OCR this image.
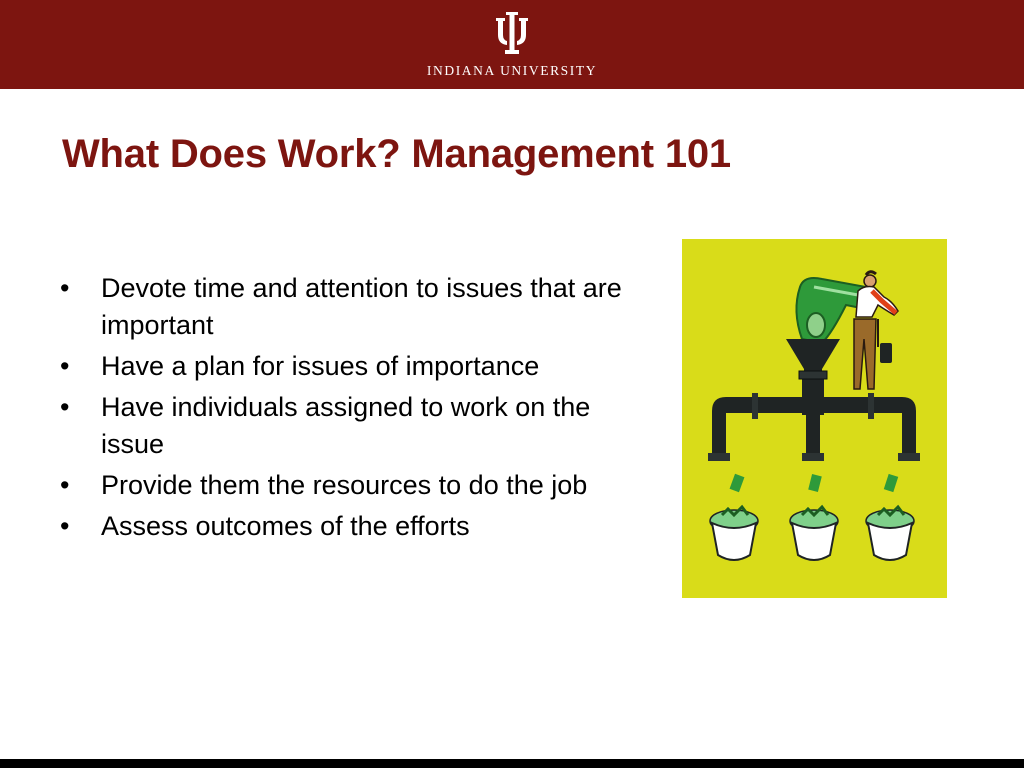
INDIANA UNIVERSITY
What Does Work? Management 101
• Devote time and attention to issues that are important
• Have a plan for issues of importance
• Have individuals assigned to work on the issue
• Provide them the resources to do the job
• Assess outcomes of the efforts
